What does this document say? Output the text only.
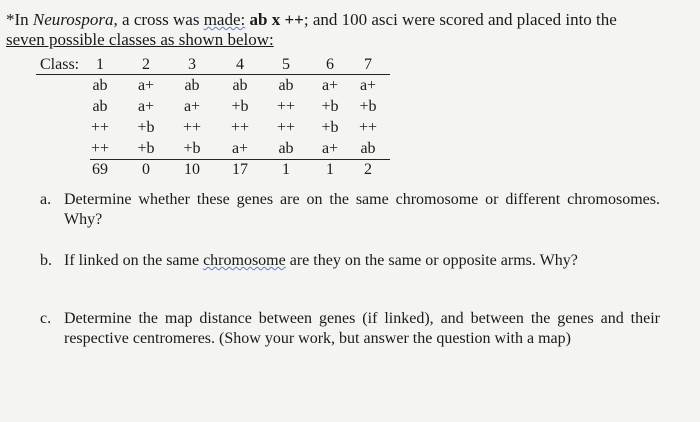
*In Neurospora, a cross was made: ab x ++; and 100 asci were scored and placed into the
seven possible classes as shown below:
Class:	1	2	3	4	5	6	7
ab	a+	ab	ab	ab	a+	a+
ab	a+	a+	+b	++	+b	+b
++	+b	++	++	++	+b	++
++	+b	+b	a+	ab	a+	ab
69	0	10	17	1	1	2
a. Determine whether these genes are on the same chromosome or different chromosomes. Why?
b. If linked on the same chromosome are they on the same or opposite arms. Why?
c. Determine the map distance between genes (if linked), and between the genes and their respective centromeres. (Show your work, but answer the question with a map)
